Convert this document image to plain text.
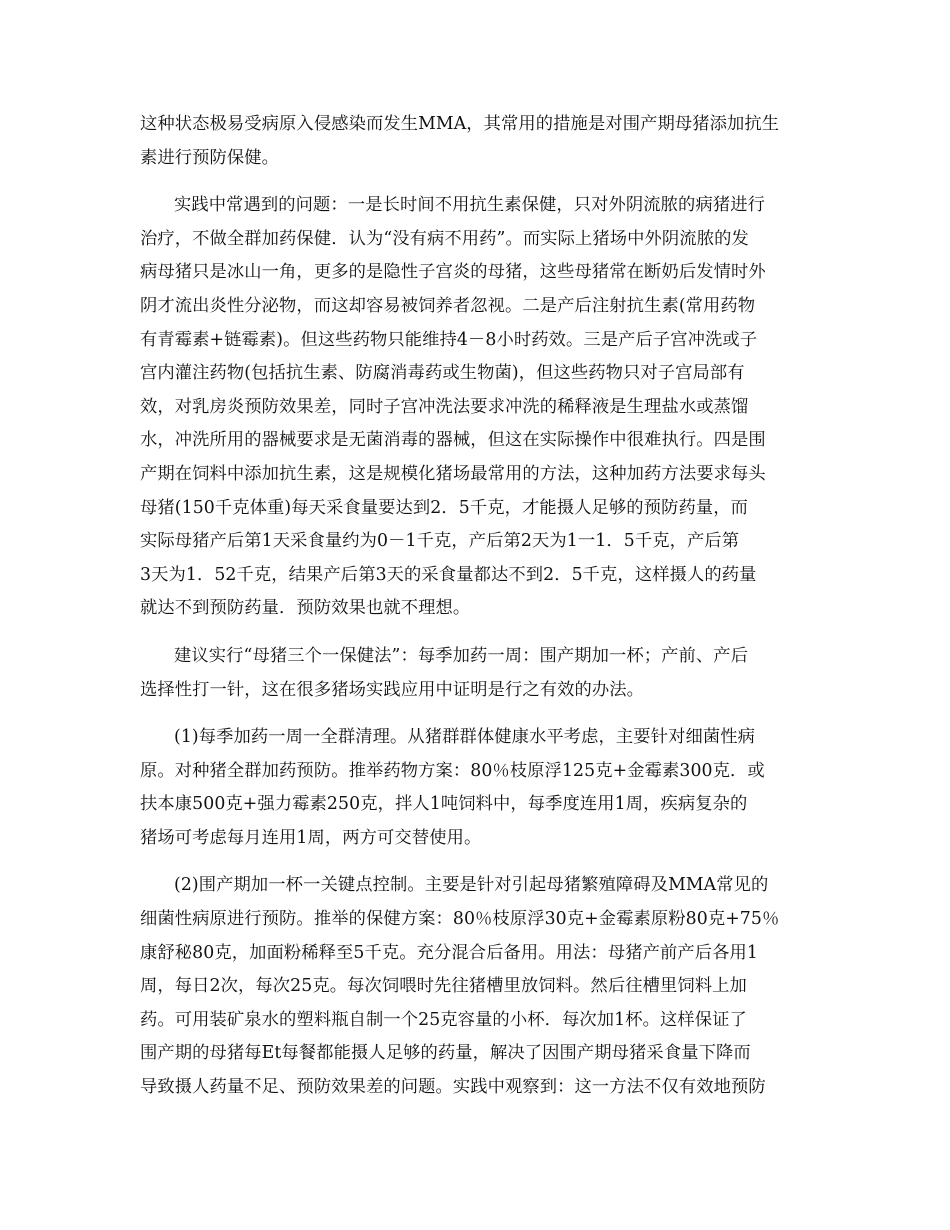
这种状态极易受病原入侵感染而发生MMA，其常用的措施是对围产期母猪添加抗生
素进行预防保健。

实践中常遇到的问题：一是长时间不用抗生素保健，只对外阴流脓的病猪进行
治疗，不做全群加药保健．认为“没有病不用药”。而实际上猪场中外阴流脓的发
病母猪只是冰山一角，更多的是隐性子宫炎的母猪，这些母猪常在断奶后发情时外
阴才流出炎性分泌物，而这却容易被饲养者忽视。二是产后注射抗生素(常用药物
有青霉素+链霉素)。但这些药物只能维持4－8小时药效。三是产后子宫冲洗或子
宫内灌注药物(包括抗生素、防腐消毒药或生物菌)，但这些药物只对子宫局部有
效，对乳房炎预防效果差，同时子宫冲洗法要求冲洗的稀释液是生理盐水或蒸馏
水，冲洗所用的器械要求是无菌消毒的器械，但这在实际操作中很难执行。四是围
产期在饲料中添加抗生素，这是规模化猪场最常用的方法，这种加药方法要求每头
母猪(150千克体重)每天采食量要达到2．5千克，才能摄人足够的预防药量，而
实际母猪产后第1天采食量约为0－1千克，产后第2天为1一1．5千克，产后第
3天为1．52千克，结果产后第3天的采食量都达不到2．5千克，这样摄人的药量
就达不到预防药量．预防效果也就不理想。

建议实行“母猪三个一保健法”：每季加药一周：围产期加一杯；产前、产后
选择性打一针，这在很多猪场实践应用中证明是行之有效的办法。

(1)每季加药一周一全群清理。从猪群群体健康水平考虑，主要针对细菌性病
原。对种猪全群加药预防。推举药物方案：80％枝原浮125克+金霉素300克．或
扶本康500克+强力霉素250克，拌人1吨饲料中，每季度连用1周，疾病复杂的
猪场可考虑每月连用1周，两方可交替使用。

(2)围产期加一杯一关键点控制。主要是针对引起母猪繁殖障碍及MMA常见的
细菌性病原进行预防。推举的保健方案：80％枝原浮30克+金霉素原粉80克+75％
康舒秘80克，加面粉稀释至5千克。充分混合后备用。用法：母猪产前产后各用1
周，每日2次，每次25克。每次饲喂时先往猪槽里放饲料。然后往槽里饲料上加
药。可用装矿泉水的塑料瓶自制一个25克容量的小杯．每次加1杯。这样保证了
围产期的母猪每Et每餐都能摄人足够的药量，解决了因围产期母猪采食量下降而
导致摄人药量不足、预防效果差的问题。实践中观察到：这一方法不仅有效地预防
